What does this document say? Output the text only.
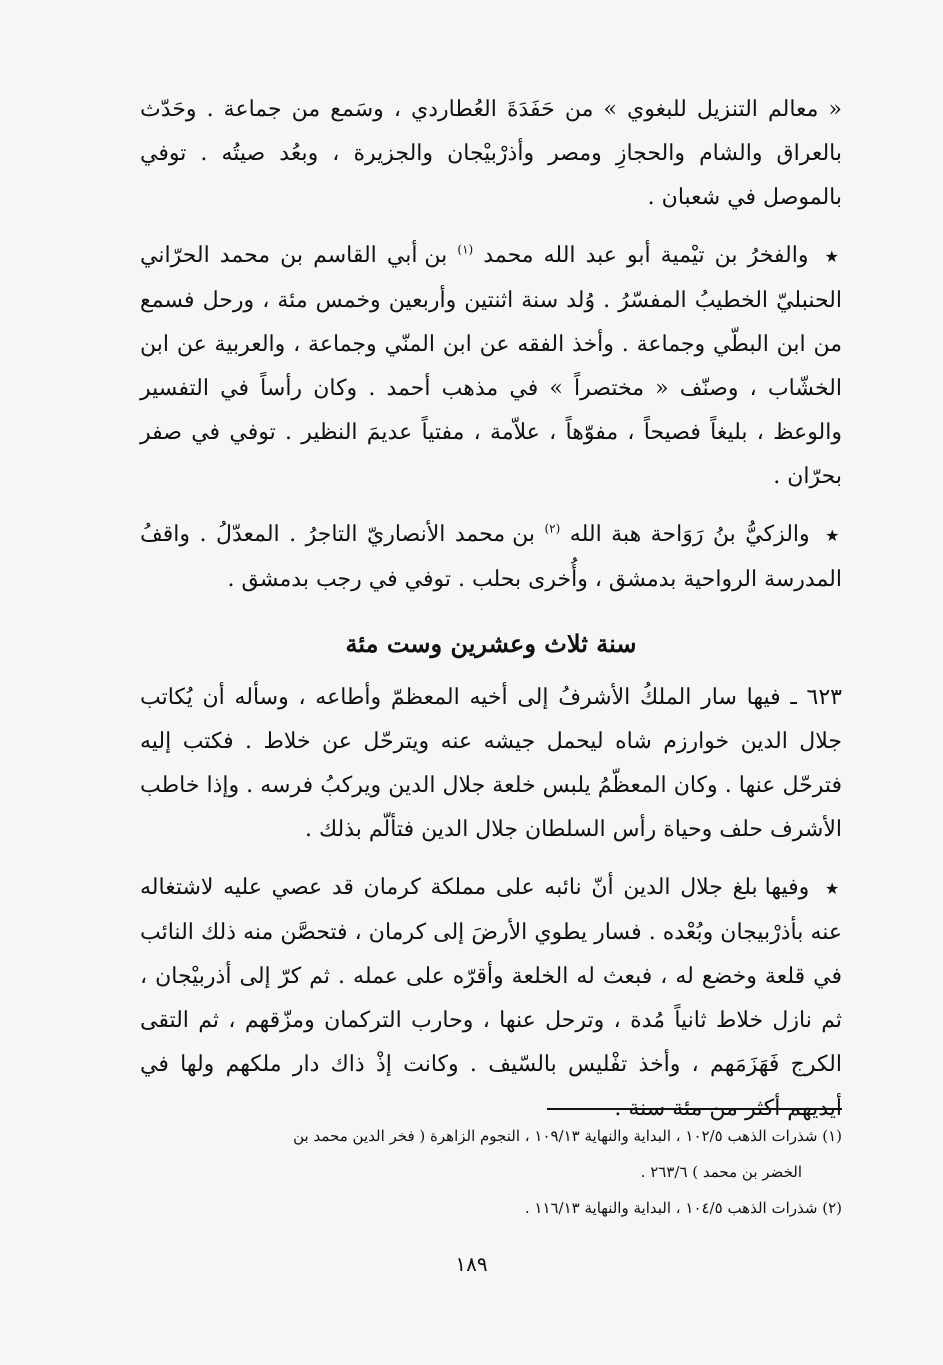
« معالم التنزيل للبغوي » من حَفَدَةَ العُطاردي ، وسَمع من جماعة . وحَدّث بالعراق والشام والحجازِ ومصر وأذرْبيْجان والجزيرة ، وبعُد صيتُه . توفي بالموصل في شعبان .

★ والفخرُ بن تيْمية أبو عبد الله محمد $^{(١)}$ بن أبي القاسم بن محمد الحرّاني الحنبليّ الخطيبُ المفسّرُ . وُلد سنة اثنتين وأربعين وخمس مئة ، ورحل فسمع من ابن البطّي وجماعة . وأخذ الفقه عن ابن المنّي وجماعة ، والعربية عن ابن الخشّاب ، وصنّف « مختصراً » في مذهب أحمد . وكان رأساً في التفسير والوعظ ، بليغاً فصيحاً ، مفوّهاً ، علاّمة ، مفتياً عديمَ النظير . توفي في صفر بحرّان .

★ والزكيُّ بنُ رَوَاحة هبة الله $^{(٢)}$ بن محمد الأنصاريّ التاجرُ . المعدّلُ . واقفُ المدرسة الرواحية بدمشق ، وأُخرى بحلب . توفي في رجب بدمشق .

سنة ثلاث وعشرين وست مئة

٦٢٣ ـ فيها سار الملكُ الأشرفُ إلى أخيه المعظمّ وأطاعه ، وسأله أن يُكاتب جلال الدين خوارزم شاه ليحمل جيشه عنه ويترحّل عن خلاط . فكتب إليه فترحّل عنها . وكان المعظّمُ يلبس خلعة جلال الدين ويركبُ فرسه . وإذا خاطب الأشرف حلف وحياة رأس السلطان جلال الدين فتألّم بذلك .

★ وفيها بلغ جلال الدين أنّ نائبه على مملكة كرمان قد عصي عليه لاشتغاله عنه بأذرْبيجان وبُعْده . فسار يطوي الأرضَ إلى كرمان ، فتحصَّن منه ذلك النائب في قلعة وخضع له ، فبعث له الخلعة وأقرّه على عمله . ثم كرّ إلى أذربيْجان ، ثم نازل خلاط ثانياً مُدة ، وترحل عنها ، وحارب التركمان ومزّقهم ، ثم التقى الكرج فَهَزَمَهم ، وأخذ تفْليس بالسّيف . وكانت إذْ ذاك دار ملكهم ولها في أيديهم أكثر من مئة سنة .

(١) شذرات الذهب ١٠٢/٥ ، البداية والنهاية ١٠٩/١٣ ، النجوم الزاهرة ( فخر الدين محمد بن

الخضر بن محمد ) ٢٦٣/٦ .

(٢) شذرات الذهب ١٠٤/٥ ، البداية والنهاية ١١٦/١٣ .

١٨٩
